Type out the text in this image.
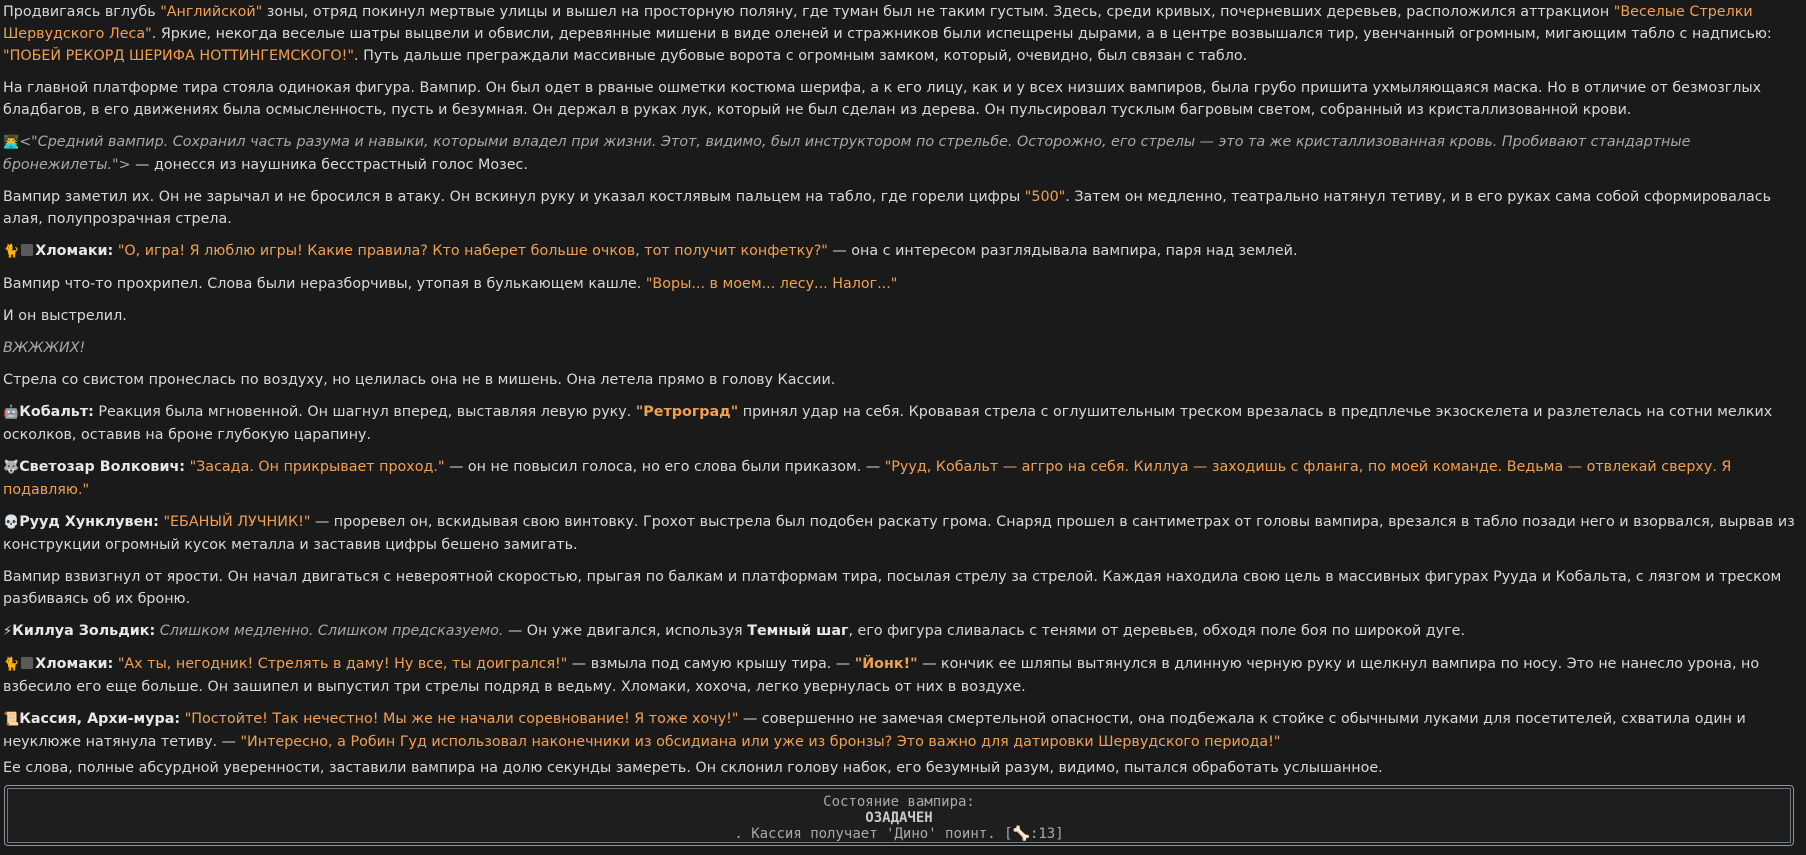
Продвигаясь вглубь "Английской" зоны, отряд покинул мертвые улицы и вышел на просторную поляну, где туман был не таким густым. Здесь, среди кривых, почерневших деревьев, расположился аттракцион "Веселые Стрелки Шервудского Леса". Яркие, некогда веселые шатры выцвели и обвисли, деревянные мишени в виде оленей и стражников были испещрены дырами, а в центре возвышался тир, увенчанный огромным, мигающим табло с надписью: "ПОБЕЙ РЕКОРД ШЕРИФА НОТТИНГЕМСКОГО!". Путь дальше преграждали массивные дубовые ворота с огромным замком, который, очевидно, был связан с табло.

На главной платформе тира стояла одинокая фигура. Вампир. Он был одет в рваные ошметки костюма шерифа, а к его лицу, как и у всех низших вампиров, была грубо пришита ухмыляющаяся маска. Но в отличие от безмозглых бладбагов, в его движениях была осмысленность, пусть и безумная. Он держал в руках лук, который не был сделан из дерева. Он пульсировал тусклым багровым светом, собранный из кристаллизованной крови.

👨‍💻<"Средний вампир. Сохранил часть разума и навыки, которыми владел при жизни. Этот, видимо, был инструктором по стрельбе. Осторожно, его стрелы — это та же кристаллизованная кровь. Пробивают стандартные бронежилеты."> — донесся из наушника бесстрастный голос Мозес.

Вампир заметил их. Он не зарычал и не бросился в атаку. Он вскинул руку и указал костлявым пальцем на табло, где горели цифры "500". Затем он медленно, театрально натянул тетиву, и в его руках сама собой сформировалась алая, полупрозрачная стрела.

🐈 Хломаки: "О, игра! Я люблю игры! Какие правила? Кто наберет больше очков, тот получит конфетку?" — она с интересом разглядывала вампира, паря над землей.

Вампир что-то прохрипел. Слова были неразборчивы, утопая в булькающем кашле. "Воры... в моем... лесу... Налог..."

И он выстрелил.

ВЖЖЖИХ!

Стрела со свистом пронеслась по воздуху, но целилась она не в мишень. Она летела прямо в голову Кассии.

🤖Кобальт: Реакция была мгновенной. Он шагнул вперед, выставляя левую руку. "Ретроград" принял удар на себя. Кровавая стрела с оглушительным треском врезалась в предплечье экзоскелета и разлетелась на сотни мелких осколков, оставив на броне глубокую царапину.

🐺Светозар Волкович: "Засада. Он прикрывает проход." — он не повысил голоса, но его слова были приказом. — "Рууд, Кобальт — аггро на себя. Киллуа — заходишь с фланга, по моей команде. Ведьма — отвлекай сверху. Я подавляю."

💀Рууд Хунклувен: "ЕБАНЫЙ ЛУЧНИК!" — проревел он, вскидывая свою винтовку. Грохот выстрела был подобен раскату грома. Снаряд прошел в сантиметрах от головы вампира, врезался в табло позади него и взорвался, вырвав из конструкции огромный кусок металла и заставив цифры бешено замигать.

Вампир взвизгнул от ярости. Он начал двигаться с невероятной скоростью, прыгая по балкам и платформам тира, посылая стрелу за стрелой. Каждая находила свою цель в массивных фигурах Рууда и Кобальта, с лязгом и треском разбиваясь об их броню.

⚡Киллуа Зольдик: Слишком медленно. Слишком предсказуемо. — Он уже двигался, используя Темный шаг, его фигура сливалась с тенями от деревьев, обходя поле боя по широкой дуге.

🐈 Хломаки: "Ах ты, негодник! Стрелять в даму! Ну все, ты доигрался!" — взмыла под самую крышу тира. — "Йонк!" — кончик ее шляпы вытянулся в длинную черную руку и щелкнул вампира по носу. Это не нанесло урона, но взбесило его еще больше. Он зашипел и выпустил три стрелы подряд в ведьму. Хломаки, хохоча, легко увернулась от них в воздухе.

📜Кассия, Архи-мура: "Постойте! Так нечестно! Мы же не начали соревнование! Я тоже хочу!" — совершенно не замечая смертельной опасности, она подбежала к стойке с обычными луками для посетителей, схватила один и неуклюже натянула тетиву. — "Интересно, а Робин Гуд использовал наконечники из обсидиана или уже из бронзы? Это важно для датировки Шервудского периода!"

Ее слова, полные абсурдной уверенности, заставили вампира на долю секунды замереть. Он склонил голову набок, его безумный разум, видимо, пытался обработать услышанное.

Состояние вампира:
ОЗАДАЧЕН
. Кассия получает 'Дино' поинт. [🦴:13]
